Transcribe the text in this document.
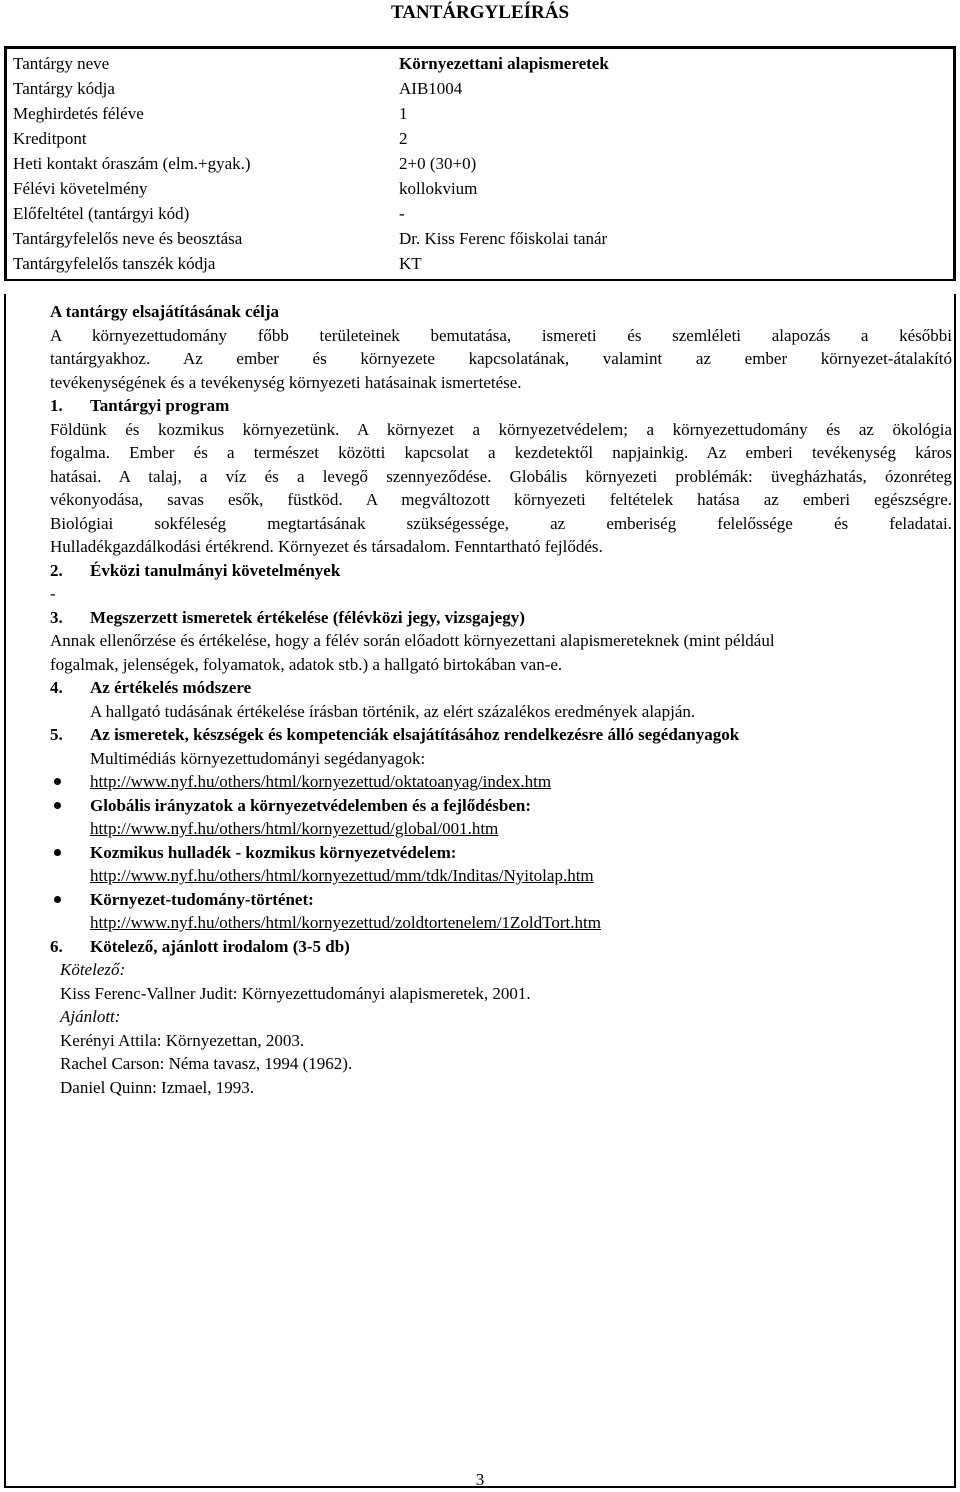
TANTÁRGYLEÍRÁS
Tantárgy neve	Környezettani alapismeretek
Tantárgy kódja	AIB1004
Meghirdetés féléve	1
Kreditpont	2
Heti kontakt óraszám (elm.+gyak.)	2+0 (30+0)
Félévi követelmény	kollokvium
Előfeltétel (tantárgyi kód)	-
Tantárgyfelelős neve és beosztása	Dr. Kiss Ferenc főiskolai tanár
Tantárgyfelelős tanszék kódja	KT
A tantárgy elsajátításának célja
A környezettudomány főbb területeinek bemutatása, ismereti és szemléleti alapozás a későbbi
tantárgyakhoz. Az ember és környezete kapcsolatának, valamint az ember környezet-átalakító
tevékenységének és a tevékenység környezeti hatásainak ismertetése.
1. Tantárgyi program
Földünk és kozmikus környezetünk. A környezet a környezetvédelem; a környezettudomány és az ökológia
fogalma. Ember és a természet közötti kapcsolat a kezdetektől napjainkig. Az emberi tevékenység káros
hatásai. A talaj, a víz és a levegő szennyeződése. Globális környezeti problémák: üvegházhatás, ózonréteg
vékonyodása, savas esők, füstköd. A megváltozott környezeti feltételek hatása az emberi egészségre.
Biológiai sokféleség megtartásának szükségessége, az emberiség felelőssége és feladatai.
Hulladékgazdálkodási értékrend. Környezet és társadalom. Fenntartható fejlődés.
2. Évközi tanulmányi követelmények
-
3. Megszerzett ismeretek értékelése (félévközi jegy, vizsgajegy)
Annak ellenőrzése és értékelése, hogy a félév során előadott környezettani alapismereteknek (mint például
fogalmak, jelenségek, folyamatok, adatok stb.) a hallgató birtokában van-e.
4. Az értékelés módszere
A hallgató tudásának értékelése írásban történik, az elért százalékos eredmények alapján.
5. Az ismeretek, készségek és kompetenciák elsajátításához rendelkezésre álló segédanyagok
Multimédiás környezettudományi segédanyagok:
http://www.nyf.hu/others/html/kornyezettud/oktatoanyag/index.htm
Globális irányzatok a környezetvédelemben és a fejlődésben:
http://www.nyf.hu/others/html/kornyezettud/global/001.htm
Kozmikus hulladék - kozmikus környezetvédelem:
http://www.nyf.hu/others/html/kornyezettud/mm/tdk/Inditas/Nyitolap.htm
Környezet-tudomány-történet:
http://www.nyf.hu/others/html/kornyezettud/zoldtortenelem/1ZoldTort.htm
6. Kötelező, ajánlott irodalom (3-5 db)
Kötelező:
Kiss Ferenc-Vallner Judit: Környezettudományi alapismeretek, 2001.
Ajánlott:
Kerényi Attila: Környezettan, 2003.
Rachel Carson: Néma tavasz, 1994 (1962).
Daniel Quinn: Izmael, 1993.
3
